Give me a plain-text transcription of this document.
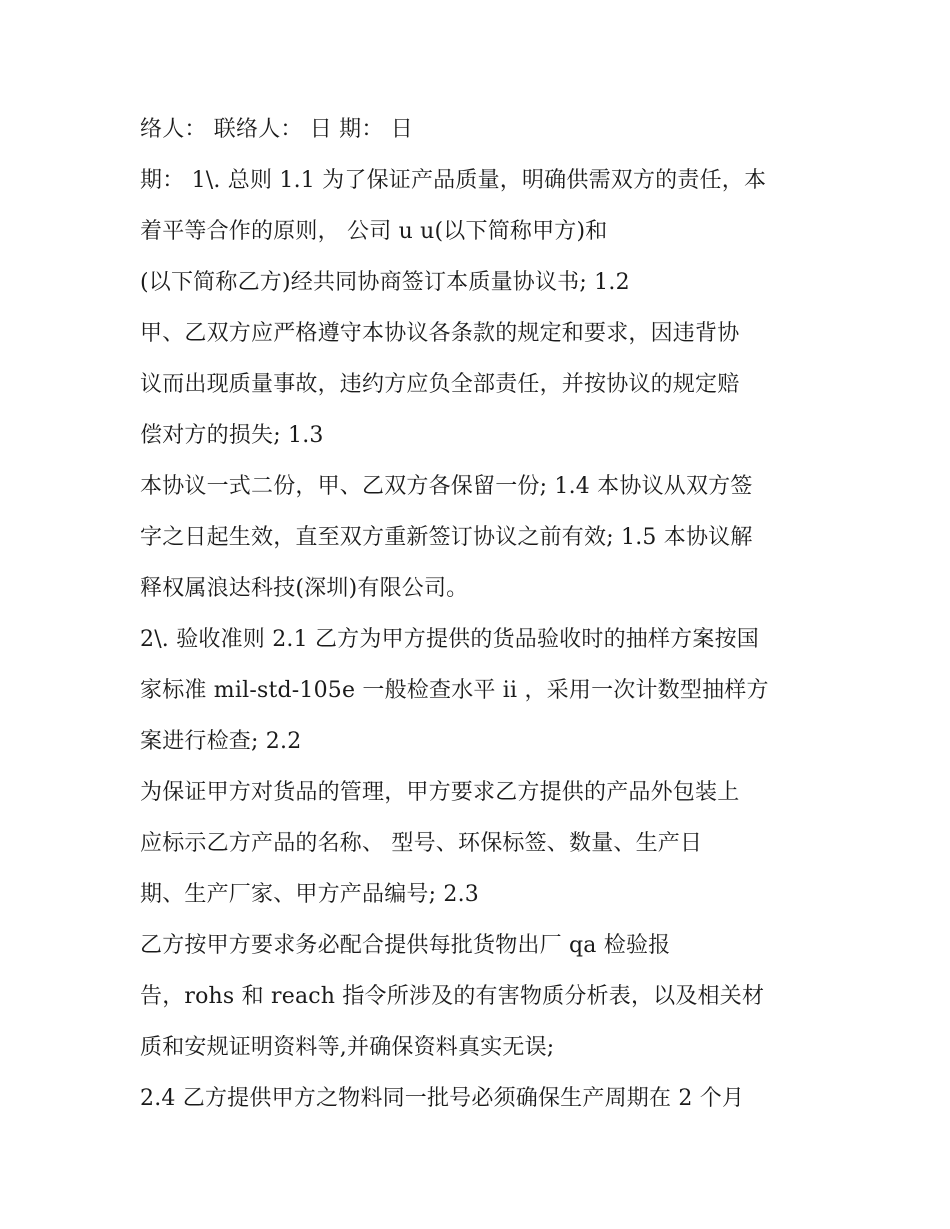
络人： 联络人： 日 期： 日
期： 1\. 总则 1.1 为了保证产品质量，明确供需双方的责任，本
着平等合作的原则， 公司 u u(以下简称甲方)和
(以下简称乙方)经共同协商签订本质量协议书; 1.2
甲、乙双方应严格遵守本协议各条款的规定和要求，因违背协
议而出现质量事故，违约方应负全部责任，并按协议的规定赔
偿对方的损失; 1.3
本协议一式二份，甲、乙双方各保留一份; 1.4 本协议从双方签
字之日起生效，直至双方重新签订协议之前有效; 1.5 本协议解
释权属浪达科技(深圳)有限公司。
2\. 验收准则 2.1 乙方为甲方提供的货品验收时的抽样方案按国
家标准 mil-std-105e 一般检查水平 ii ，采用一次计数型抽样方
案进行检查; 2.2
为保证甲方对货品的管理，甲方要求乙方提供的产品外包装上
应标示乙方产品的名称、 型号、环保标签、数量、生产日
期、生产厂家、甲方产品编号; 2.3
乙方按甲方要求务必配合提供每批货物出厂 qa 检验报
告，rohs 和 reach 指令所涉及的有害物质分析表，以及相关材
质和安规证明资料等,并确保资料真实无误;
2.4 乙方提供甲方之物料同一批号必须确保生产周期在 2 个月
